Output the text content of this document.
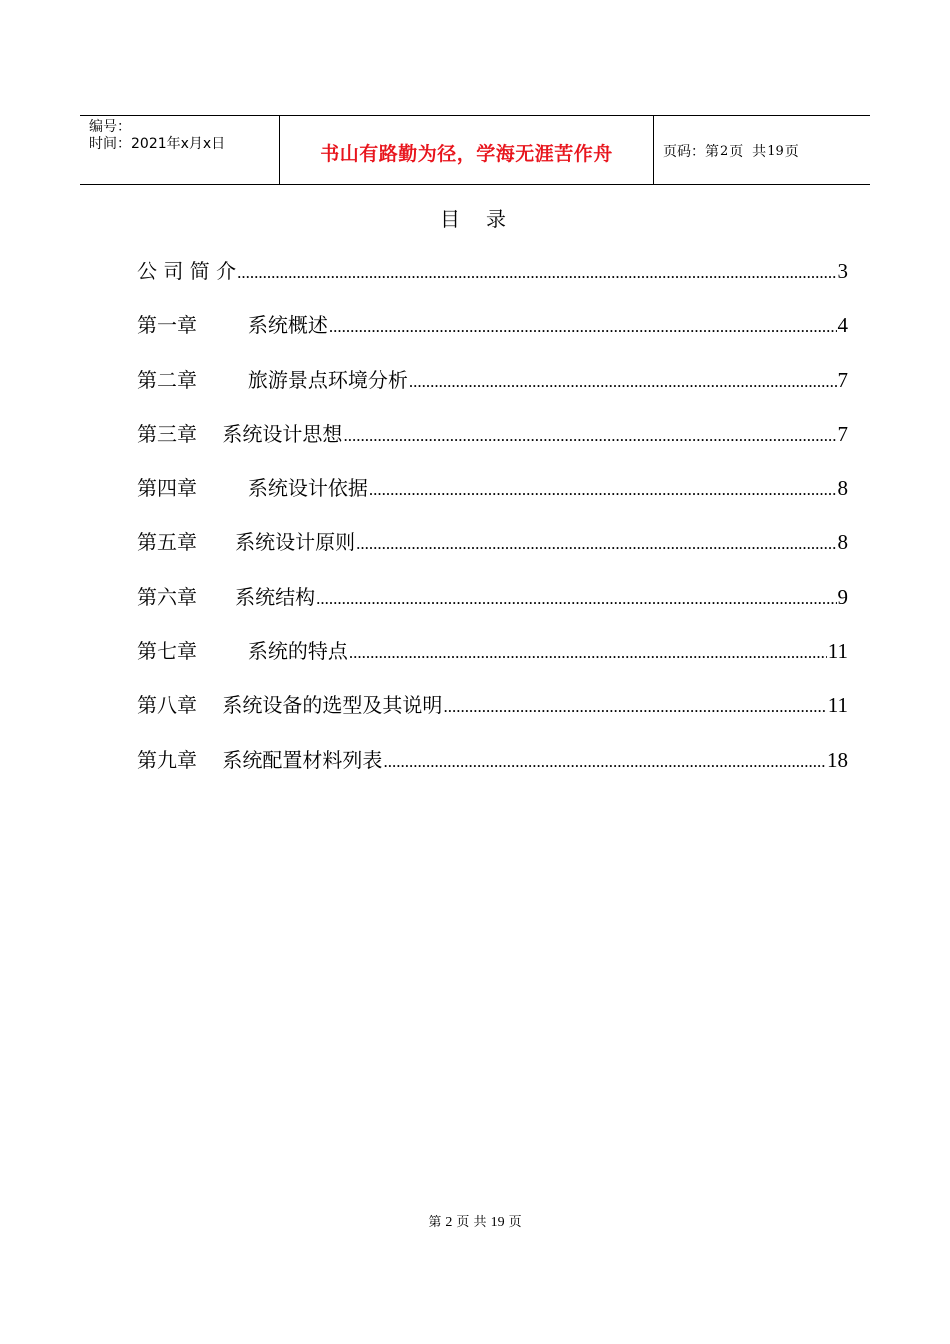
编号：
时间：2021年x月x日	书山有路勤为径，学海无涯苦作舟	页码：第 2 页  共 19 页
目 录
公 司 简 介 .....	3
第一章 系统概述 .....	4
第二章 旅游景点环境分析 .....	7
第三章 系统设计思想 .....	7
第四章 系统设计依据 .....	8
第五章 系统设计原则 .....	8
第六章 系统结构 .....	9
第七章 系统的特点 .....	11
第八章 系统设备的选型及其说明 .....	11
第九章 系统配置材料列表 .....	18
第 2 页 共 19 页
